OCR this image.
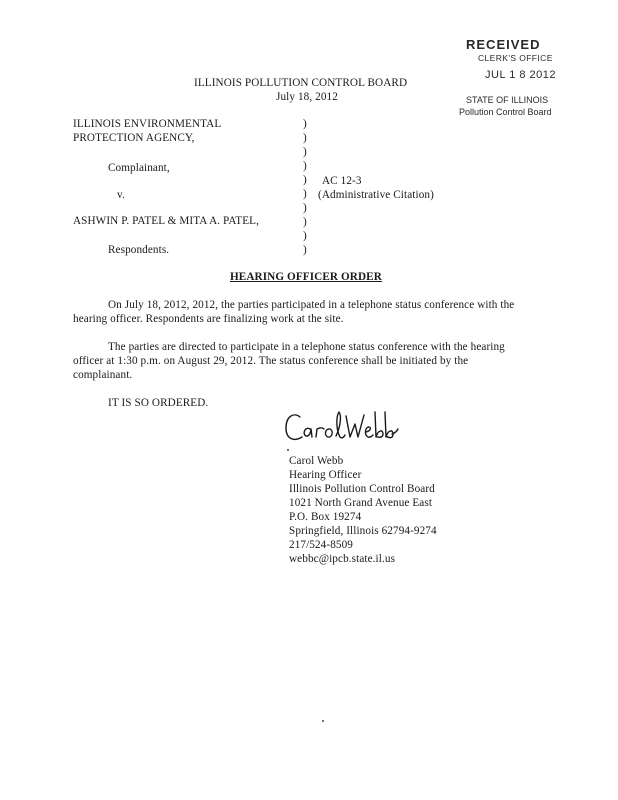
RECEIVED
CLERK'S OFFICE
JUL 1 8 2012
STATE OF ILLINOIS
Pollution Control Board
ILLINOIS POLLUTION CONTROL BOARD
July 18, 2012
ILLINOIS ENVIRONMENTAL
PROTECTION AGENCY,
Complainant,
v.
ASHWIN P. PATEL & MITA A. PATEL,
Respondents.
)
)
)
)
)
)
)
)
)
)
AC 12-3
(Administrative Citation)
HEARING OFFICER ORDER
On July 18, 2012, 2012, the parties participated in a telephone status conference with the
hearing officer. Respondents are finalizing work at the site.
The parties are directed to participate in a telephone status conference with the hearing
officer at 1:30 p.m. on August 29, 2012. The status conference shall be initiated by the
complainant.
IT IS SO ORDERED.
Carol Webb
Hearing Officer
Illinois Pollution Control Board
1021 North Grand Avenue East
P.O. Box 19274
Springfield, Illinois 62794-9274
217/524-8509
webbc@ipcb.state.il.us
